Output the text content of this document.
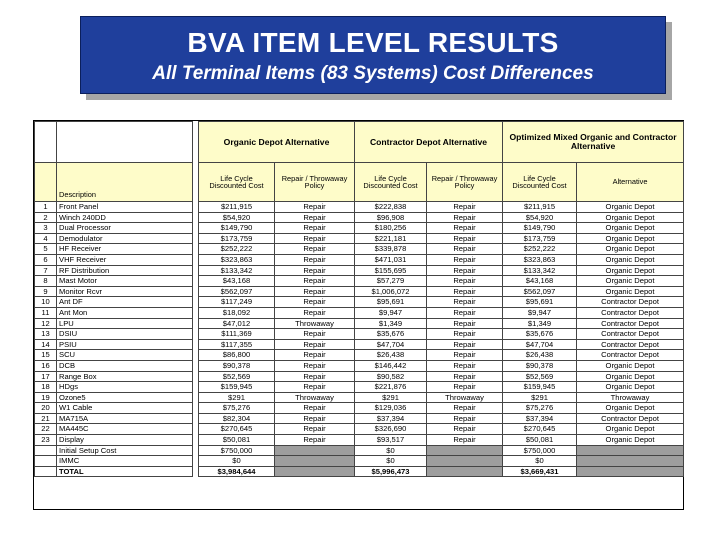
BVA ITEM LEVEL RESULTS
All Terminal Items (83 Systems) Cost Differences
			Organic Depot Alternative		Contractor Depot Alternative		Optimized Mixed Organic and Contractor Alternative	
	Description		Life Cycle Discounted Cost	Repair / Throwaway Policy	Life Cycle Discounted Cost	Repair / Throwaway Policy	Life Cycle Discounted Cost	Alternative
1	Front Panel		$211,915	Repair	$222,838	Repair	$211,915	Organic Depot
2	Winch 240DD		$54,920	Repair	$96,908	Repair	$54,920	Organic Depot
3	Dual Processor		$149,790	Repair	$180,256	Repair	$149,790	Organic Depot
4	Demodulator		$173,759	Repair	$221,181	Repair	$173,759	Organic Depot
5	HF Receiver		$252,222	Repair	$339,878	Repair	$252,222	Organic Depot
6	VHF Receiver		$323,863	Repair	$471,031	Repair	$323,863	Organic Depot
7	RF Distribution		$133,342	Repair	$155,695	Repair	$133,342	Organic Depot
8	Mast Motor		$43,168	Repair	$57,279	Repair	$43,168	Organic Depot
9	Monitor Rcvr		$562,097	Repair	$1,006,072	Repair	$562,097	Organic Depot
10	Ant DF		$117,249	Repair	$95,691	Repair	$95,691	Contractor Depot
11	Ant Mon		$18,092	Repair	$9,947	Repair	$9,947	Contractor Depot
12	LPU		$47,012	Throwaway	$1,349	Repair	$1,349	Contractor Depot
13	DSIU		$111,369	Repair	$35,676	Repair	$35,676	Contractor Depot
14	PSIU		$117,355	Repair	$47,704	Repair	$47,704	Contractor Depot
15	SCU		$86,800	Repair	$26,438	Repair	$26,438	Contractor Depot
16	DCB		$90,378	Repair	$146,442	Repair	$90,378	Organic Depot
17	Range Box		$52,569	Repair	$90,582	Repair	$52,569	Organic Depot
18	HDgs		$159,945	Repair	$221,876	Repair	$159,945	Organic Depot
19	Ozone5		$291	Throwaway	$291	Throwaway	$291	Throwaway
20	W1 Cable		$75,276	Repair	$129,036	Repair	$75,276	Organic Depot
21	MA715A		$82,304	Repair	$37,394	Repair	$37,394	Contractor Depot
22	MA445C		$270,645	Repair	$326,690	Repair	$270,645	Organic Depot
23	Display		$50,081	Repair	$93,517	Repair	$50,081	Organic Depot
	Initial Setup Cost		$750,000		$0		$750,000	
	IMMC		$0		$0		$0	
	TOTAL		$3,984,644		$5,996,473		$3,669,431	
